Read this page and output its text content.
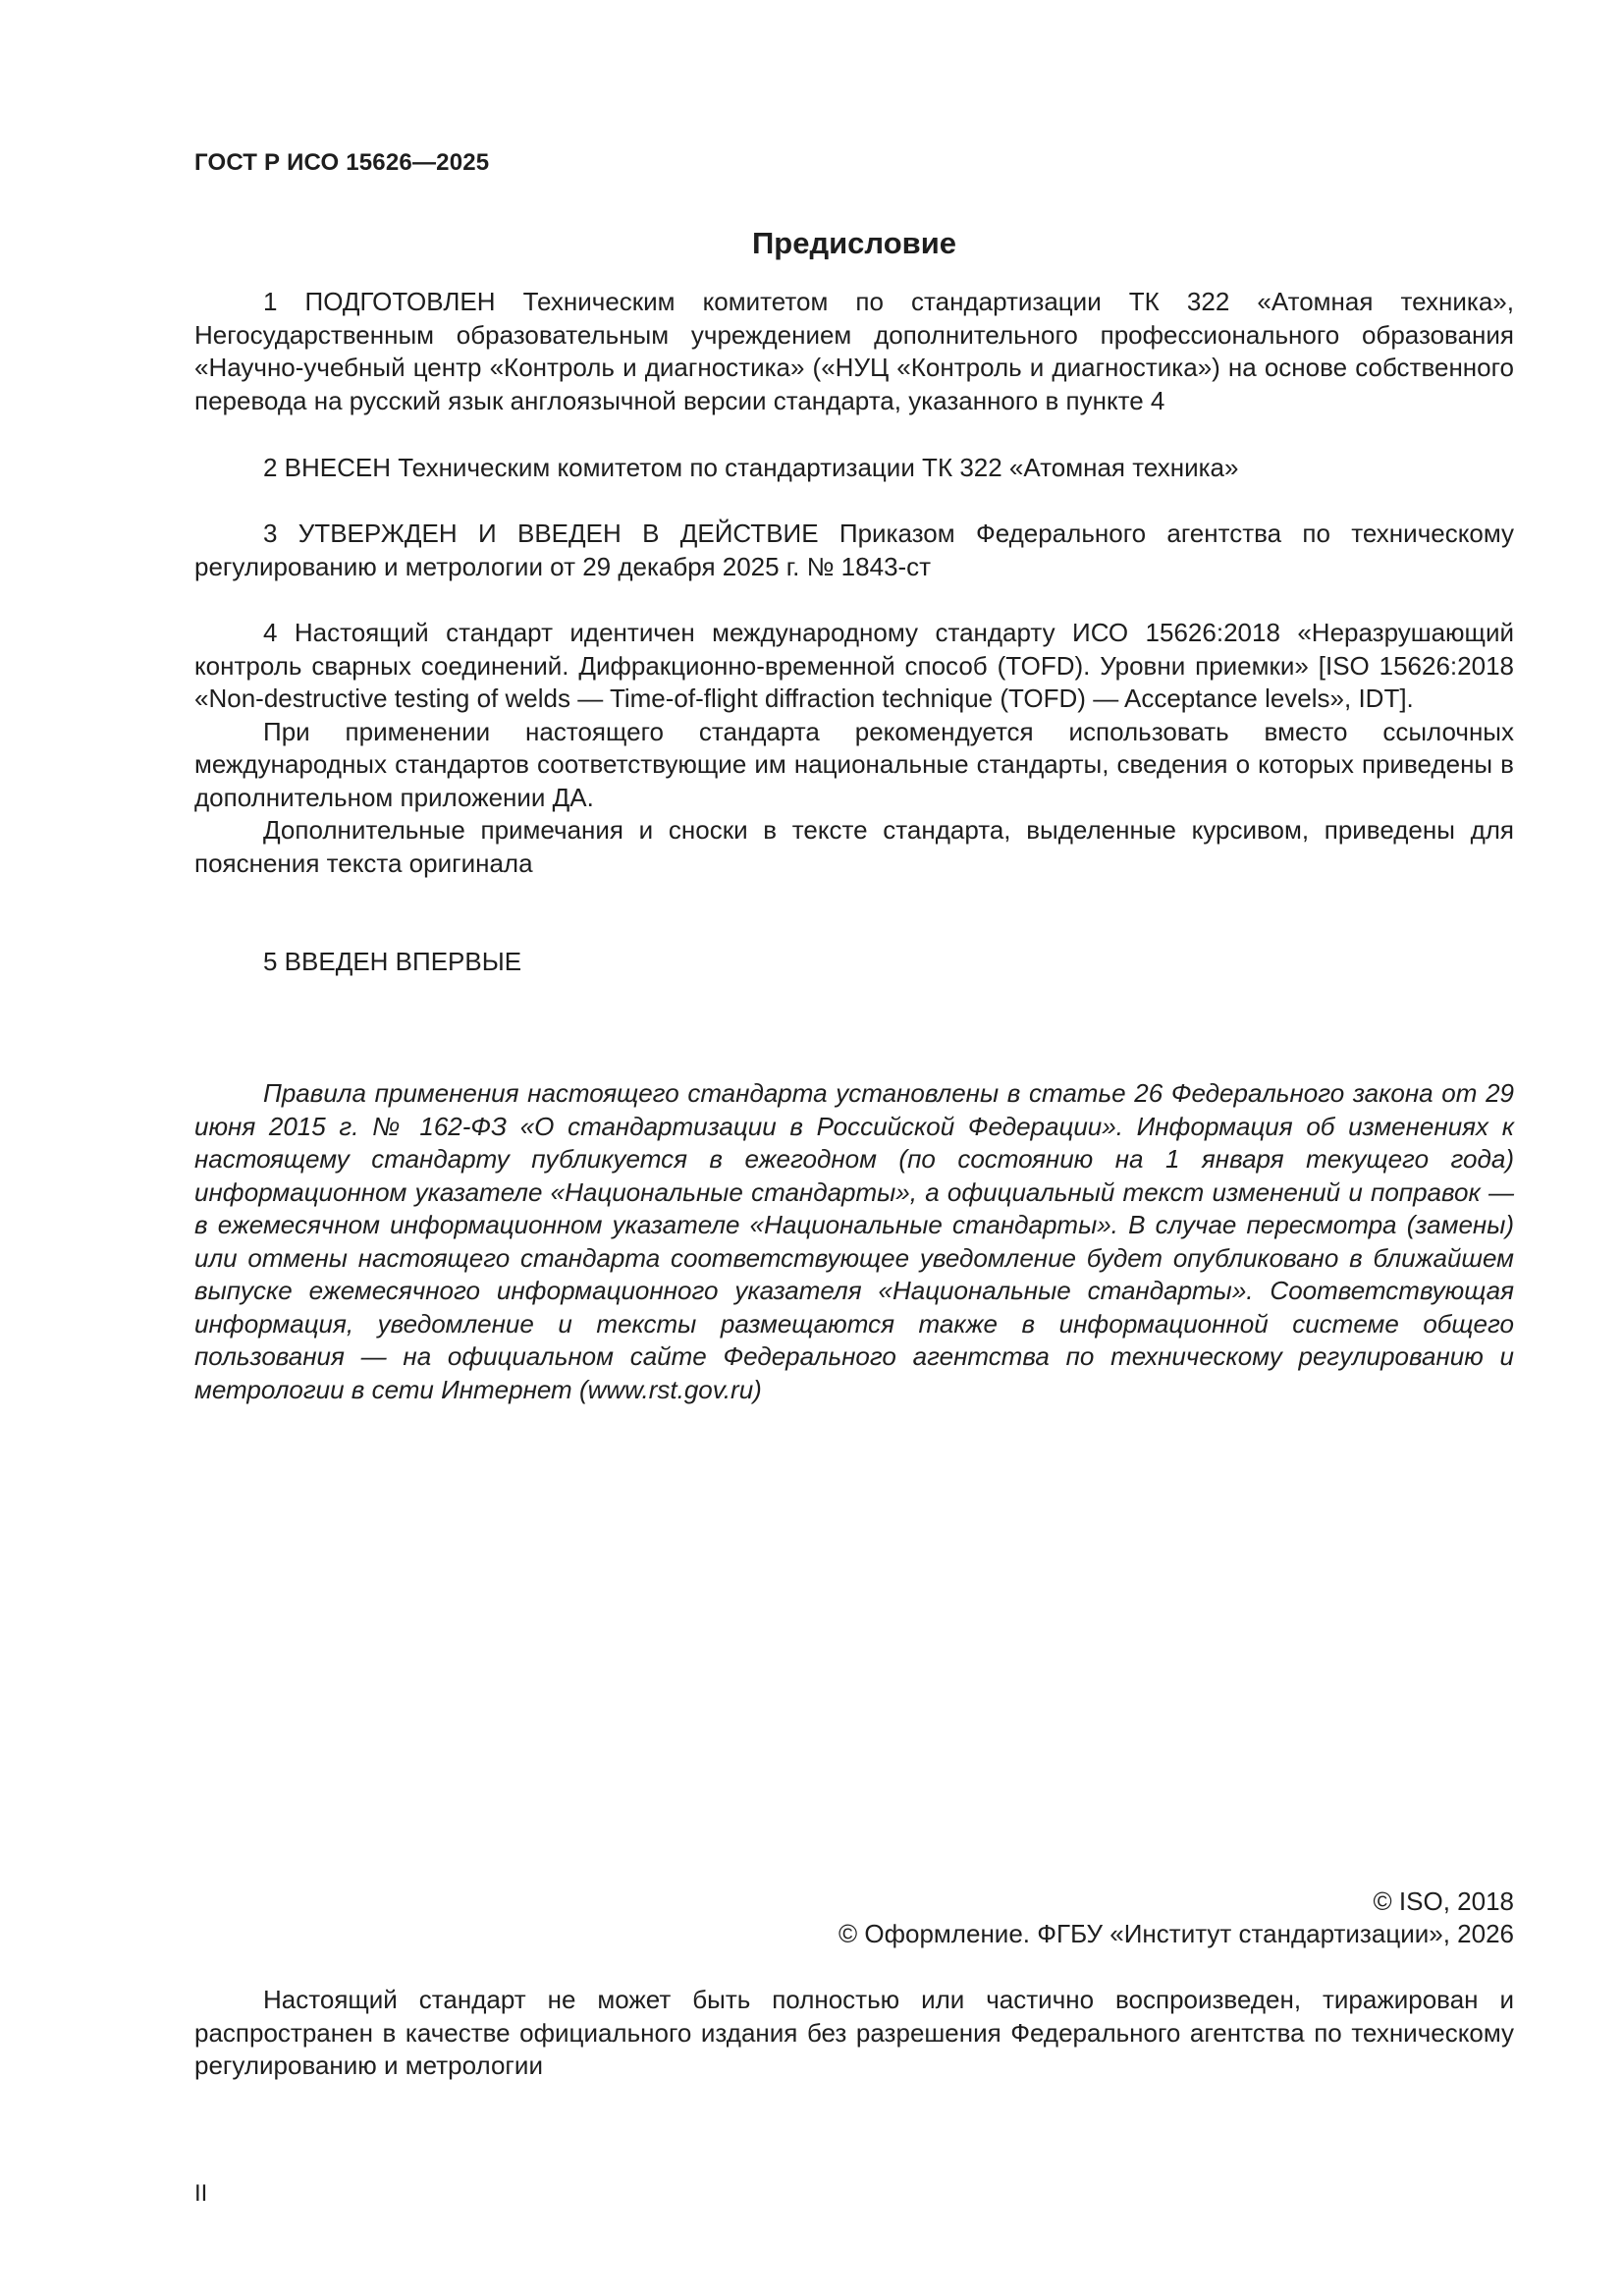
ГОСТ Р ИСО 15626—2025
Предисловие

1 ПОДГОТОВЛЕН Техническим комитетом по стандартизации ТК 322 «Атомная техника», Негосударственным образовательным учреждением дополнительного профессионального образования «Научно-учебный центр «Контроль и диагностика» («НУЦ «Контроль и диагностика») на основе собственного перевода на русский язык англоязычной версии стандарта, указанного в пункте 4

2 ВНЕСЕН Техническим комитетом по стандартизации ТК 322 «Атомная техника»

3 УТВЕРЖДЕН И ВВЕДЕН В ДЕЙСТВИЕ Приказом Федерального агентства по техническому регулированию и метрологии от 29 декабря 2025 г. № 1843-ст

4 Настоящий стандарт идентичен международному стандарту ИСО 15626:2018 «Неразрушающий контроль сварных соединений. Дифракционно-временной способ (TOFD). Уровни приемки» [ISO 15626:2018 «Non-destructive testing of welds — Time-of-flight diffraction technique (TOFD) — Acceptance levels», IDT].

При применении настоящего стандарта рекомендуется использовать вместо ссылочных международных стандартов соответствующие им национальные стандарты, сведения о которых приведены в дополнительном приложении ДА.

Дополнительные примечания и сноски в тексте стандарта, выделенные курсивом, приведены для пояснения текста оригинала

5 ВВЕДЕН ВПЕРВЫЕ

Правила применения настоящего стандарта установлены в статье 26 Федерального закона от 29 июня 2015 г. № 162-ФЗ «О стандартизации в Российской Федерации». Информация об изменениях к настоящему стандарту публикуется в ежегодном (по состоянию на 1 января текущего года) информационном указателе «Национальные стандарты», а официальный текст изменений и поправок — в ежемесячном информационном указателе «Национальные стандарты». В случае пересмотра (замены) или отмены настоящего стандарта соответствующее уведомление будет опубликовано в ближайшем выпуске ежемесячного информационного указателя «Национальные стандарты». Соответствующая информация, уведомление и тексты размещаются также в информационной системе общего пользования — на официальном сайте Федерального агентства по техническому регулированию и метрологии в сети Интернет (www.rst.gov.ru)

© ISO, 2018
© Оформление. ФГБУ «Институт стандартизации», 2026

Настоящий стандарт не может быть полностью или частично воспроизведен, тиражирован и распространен в качестве официального издания без разрешения Федерального агентства по техническому регулированию и метрологии

II
